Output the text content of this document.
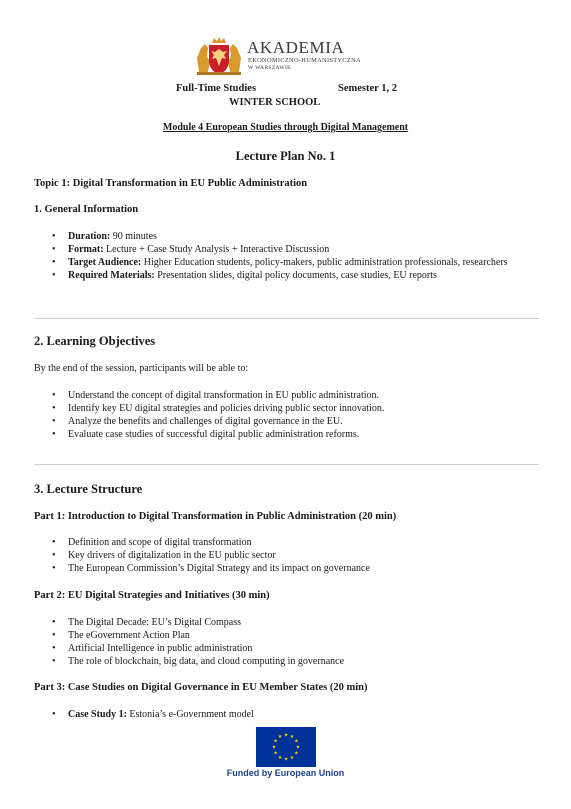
AKADEMIA
EKONOMICZNO-HUMANISTYCZNA
W WARSZAWIE
Full-Time Studies	Semester 1, 2
WINTER SCHOOL
Module 4 European Studies through Digital Management
Lecture Plan No. 1
Topic 1: Digital Transformation in EU Public Administration
1. General Information
• Duration: 90 minutes
• Format: Lecture + Case Study Analysis + Interactive Discussion
• Target Audience: Higher Education students, policy-makers, public administration professionals, researchers
• Required Materials: Presentation slides, digital policy documents, case studies, EU reports
2. Learning Objectives
By the end of the session, participants will be able to:
• Understand the concept of digital transformation in EU public administration.
• Identify key EU digital strategies and policies driving public sector innovation.
• Analyze the benefits and challenges of digital governance in the EU.
• Evaluate case studies of successful digital public administration reforms.
3. Lecture Structure
Part 1: Introduction to Digital Transformation in Public Administration (20 min)
• Definition and scope of digital transformation
• Key drivers of digitalization in the EU public sector
• The European Commission’s Digital Strategy and its impact on governance
Part 2: EU Digital Strategies and Initiatives (30 min)
• The Digital Decade: EU’s Digital Compass
• The eGovernment Action Plan
• Artificial Intelligence in public administration
• The role of blockchain, big data, and cloud computing in governance
Part 3: Case Studies on Digital Governance in EU Member States (20 min)
• Case Study 1: Estonia’s e-Government model
★ ★
★
★
★
★
★
★
★
★
★
★
Funded by European Union
